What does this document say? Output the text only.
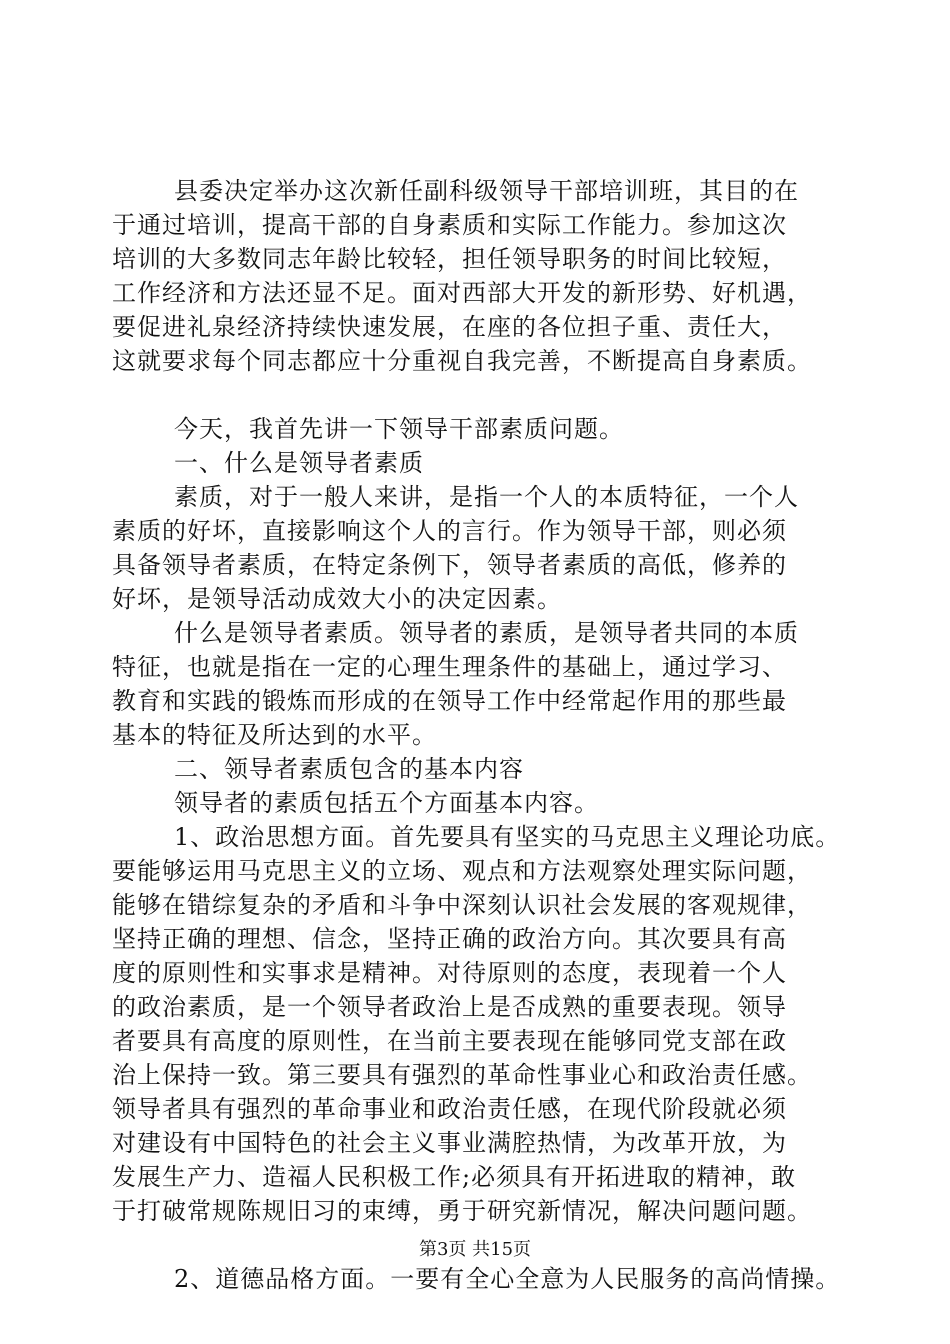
县委决定举办这次新任副科级领导干部培训班，其目的在
于通过培训，提高干部的自身素质和实际工作能力。参加这次
培训的大多数同志年龄比较轻，担任领导职务的时间比较短，
工作经济和方法还显不足。面对西部大开发的新形势、好机遇，
要促进礼泉经济持续快速发展，在座的各位担子重、责任大，
这就要求每个同志都应十分重视自我完善，不断提高自身素质。
今天，我首先讲一下领导干部素质问题。
一、什么是领导者素质
素质，对于一般人来讲，是指一个人的本质特征，一个人
素质的好坏，直接影响这个人的言行。作为领导干部，则必须
具备领导者素质，在特定条例下，领导者素质的高低，修养的
好坏，是领导活动成效大小的决定因素。
什么是领导者素质。领导者的素质，是领导者共同的本质
特征，也就是指在一定的心理生理条件的基础上，通过学习、
教育和实践的锻炼而形成的在领导工作中经常起作用的那些最
基本的特征及所达到的水平。
二、领导者素质包含的基本内容
领导者的素质包括五个方面基本内容。
1、政治思想方面。首先要具有坚实的马克思主义理论功底。
要能够运用马克思主义的立场、观点和方法观察处理实际问题，
能够在错综复杂的矛盾和斗争中深刻认识社会发展的客观规律，
坚持正确的理想、信念，坚持正确的政治方向。其次要具有高
度的原则性和实事求是精神。对待原则的态度，表现着一个人
的政治素质，是一个领导者政治上是否成熟的重要表现。领导
者要具有高度的原则性，在当前主要表现在能够同党支部在政
治上保持一致。第三要具有强烈的革命性事业心和政治责任感。
领导者具有强烈的革命事业和政治责任感，在现代阶段就必须
对建设有中国特色的社会主义事业满腔热情，为改革开放，为
发展生产力、造福人民积极工作;必须具有开拓进取的精神，敢
于打破常规陈规旧习的束缚，勇于研究新情况，解决问题问题。
2、道德品格方面。一要有全心全意为人民服务的高尚情操。
第3页 共15页
